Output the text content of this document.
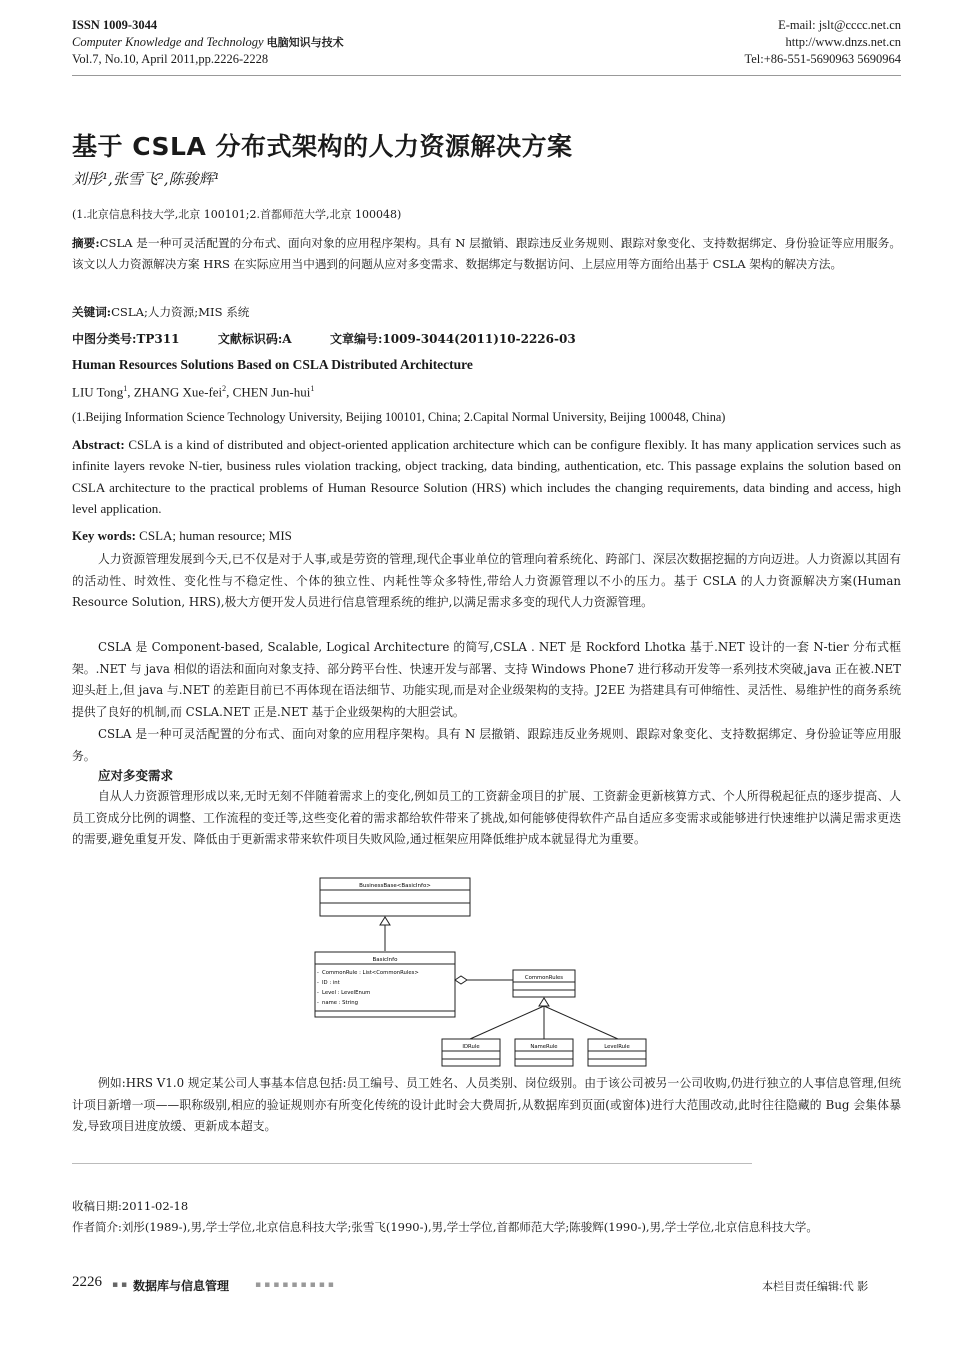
ISSN 1009-3044
Computer Knowledge and Technology 电脑知识与技术
Vol.7, No.10, April 2011,pp.2226-2228
E-mail: jslt@cccc.net.cn
http://www.dnzs.net.cn
Tel:+86-551-5690963 5690964
基于 CSLA 分布式架构的人力资源解决方案
刘彤¹,张雪飞²,陈骏辉¹
(1.北京信息科技大学,北京 100101;2.首都师范大学,北京 100048)
摘要:CSLA 是一种可灵活配置的分布式、面向对象的应用程序架构。具有 N 层撤销、跟踪违反业务规则、跟踪对象变化、支持数据绑定、身份验证等应用服务。该文以人力资源解决方案 HRS 在实际应用当中遇到的问题从应对多变需求、数据绑定与数据访问、上层应用等方面给出基于 CSLA 架构的解决方法。
关键词:CSLA;人力资源;MIS 系统
中图分类号:TP311	文献标识码:A	文章编号:1009-3044(2011)10-2226-03
Human Resources Solutions Based on CSLA Distributed Architecture
LIU Tong$^1$, ZHANG Xue-fei$^2$, CHEN Jun-hui$^1$
(1.Beijing Information Science Technology University, Beijing 100101, China; 2.Capital Normal University, Beijing 100048, China)
Abstract: CSLA is a kind of distributed and object-oriented application architecture which can be configure flexibly. It has many application services such as infinite layers revoke N-tier, business rules violation tracking, object tracking, data binding, authentication, etc. This passage explains the solution based on CSLA architecture to the practical problems of Human Resource Solution (HRS) which includes the changing requirements, data binding and access, high level application.
Key words: CSLA; human resource; MIS
人力资源管理发展到今天,已不仅是对于人事,或是劳资的管理,现代企事业单位的管理向着系统化、跨部门、深层次数据挖掘的方向迈进。人力资源以其固有的活动性、时效性、变化性与不稳定性、个体的独立性、内耗性等众多特性,带给人力资源管理以不小的压力。基于 CSLA 的人力资源解决方案(Human Resource Solution, HRS),极大方便开发人员进行信息管理系统的维护,以满足需求多变的现代人力资源管理。
CSLA 是 Component-based, Scalable, Logical Architecture 的简写,CSLA . NET 是 Rockford Lhotka 基于.NET 设计的一套 N-tier 分布式框架。.NET 与 java 相似的语法和面向对象支持、部分跨平台性、快速开发与部署、支持 Windows Phone7 进行移动开发等一系列技术突破,java 正在被.NET 迎头赶上,但 java 与.NET 的差距目前已不再体现在语法细节、功能实现,而是对企业级架构的支持。J2EE 为搭建具有可伸缩性、灵活性、易维护性的商务系统提供了良好的机制,而 CSLA.NET 正是.NET 基于企业级架构的大胆尝试。
CSLA 是一种可灵活配置的分布式、面向对象的应用程序架构。具有 N 层撤销、跟踪违反业务规则、跟踪对象变化、支持数据绑定、身份验证等应用服务。
应对多变需求
自从人力资源管理形成以来,无时无刻不伴随着需求上的变化,例如员工的工资薪金项目的扩展、工资薪金更新核算方式、个人所得税起征点的逐步提高、人员工资成分比例的调整、工作流程的变迁等,这些变化着的需求都给软件带来了挑战,如何能够使得软件产品自适应多变需求或能够进行快速维护以满足需求更迭的需要,避免重复开发、降低由于更新需求带来软件项目失败风险,通过框架应用降低维护成本就显得尤为重要。
BusinessBase<BasicInfo>
BasicInfo
CommonRule : List<CommonRules>
ID : int
Level : LevelEnum
name : String
-
-
-
-
CommonRules
IDRule	NameRule	LevelRule
例如:HRS V1.0 规定某公司人事基本信息包括:员工编号、员工姓名、人员类别、岗位级别。由于该公司被另一公司收购,仍进行独立的人事信息管理,但统计项目新增一项——职称级别,相应的验证规则亦有所变化传统的设计此时会大费周折,从数据库到页面(或窗体)进行大范围改动,此时往往隐藏的 Bug 会集体暴发,导致项目进度放缓、更新成本超支。
收稿日期:2011-02-18
作者简介: 刘彤(1989-),男,学士学位,北京信息科技大学;张雪飞(1990-),男,学士学位,首都师范大学;陈骏辉(1990-),男,学士学位,北京信息科技大学。
2226 ▪ ▪ 数据库与信息管理	▪▪▪▪▪▪▪▪▪	本栏目责任编辑:代 影
